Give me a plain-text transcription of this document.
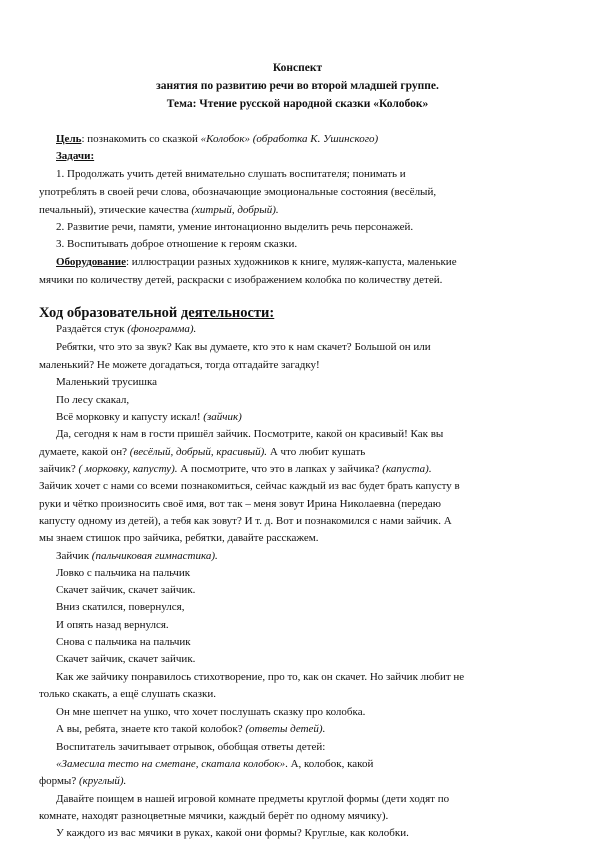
Конспект
занятия по развитию речи во второй младшей группе.
Тема: Чтение русской народной сказки «Колобок»
Цель: познакомить со сказкой «Колобок» (обработка К. Ушинского)
Задачи:
1. Продолжать учить детей внимательно слушать воспитателя; понимать и
употреблять в своей речи слова, обозначающие эмоциональные состояния (весёлый,
печальный), этические качества (хитрый, добрый).
2. Развитие речи, памяти, умение интонационно выделить речь персонажей.
3. Воспитывать доброе отношение к героям сказки.
Оборудование: иллюстрации разных художников к книге, муляж-капуста, маленькие
мячики по количеству детей, раскраски с изображением колобка по количеству детей.
Ход образовательной деятельности:
Раздаётся стук (фонограмма).
Ребятки, что это за звук? Как вы думаете, кто это к нам скачет? Большой он или
маленький? Не можете догадаться, тогда отгадайте загадку!
Маленький трусишка
По лесу скакал,
Всё морковку и капусту искал! (зайчик)
Да, сегодня к нам в гости пришёл зайчик. Посмотрите, какой он красивый! Как вы
думаете, какой он? (весёлый, добрый, красивый). А что любит кушать
зайчик? ( морковку, капусту). А посмотрите, что это в лапках у зайчика? (капуста).
Зайчик хочет с нами со всеми познакомиться, сейчас каждый из вас будет брать капусту в
руки и чётко произносить своё имя, вот так – меня зовут Ирина Николаевна (передаю
капусту одному из детей), а тебя как зовут? И т. д. Вот и познакомился с нами зайчик. А
мы знаем стишок про зайчика, ребятки, давайте расскажем.
Зайчик (пальчиковая гимнастика).
Ловко с пальчика на пальчик
Скачет зайчик, скачет зайчик.
Вниз скатился, повернулся,
И опять назад вернулся.
Снова с пальчика на пальчик
Скачет зайчик, скачет зайчик.
Как же зайчику понравилось стихотворение, про то, как он скачет. Но зайчик любит не
только скакать, а ещё слушать сказки.
Он мне шепчет на ушко, что хочет послушать сказку про колобка.
А вы, ребята, знаете кто такой колобок? (ответы детей).
Воспитатель зачитывает отрывок, обобщая ответы детей:
«Замесила тесто на сметане, скатала колобок». А, колобок, какой
формы? (круглый).
Давайте поищем в нашей игровой комнате предметы круглой формы (дети ходят по
комнате, находят разноцветные мячики, каждый берёт по одному мячику).
У каждого из вас мячики в руках, какой они формы? Круглые, как колобки.
